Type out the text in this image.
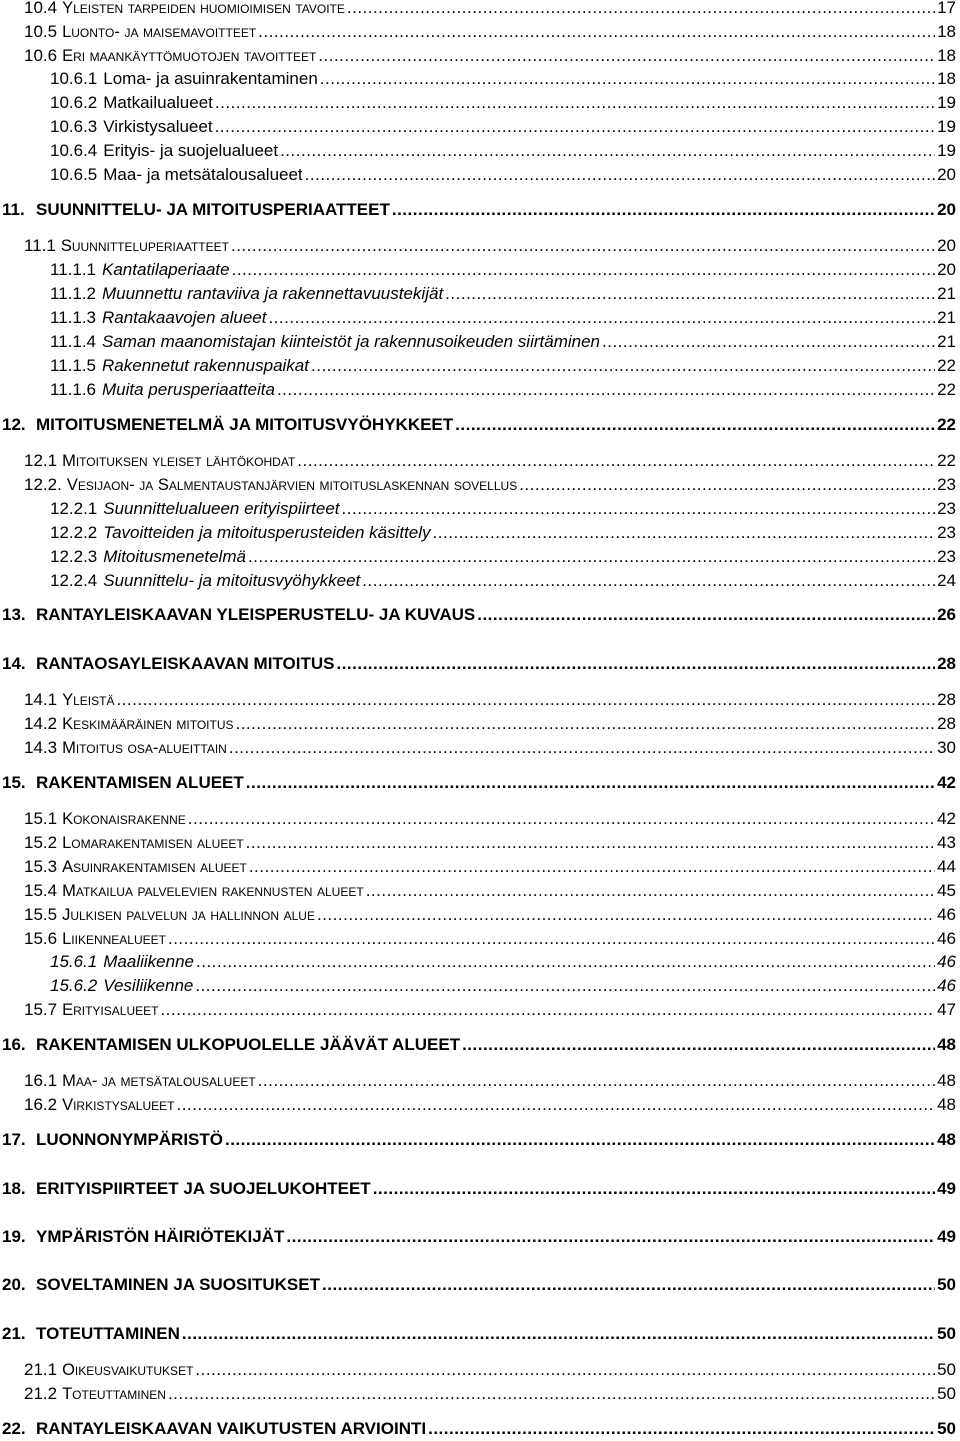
10.4 Yleisten tarpeiden huomioimisen tavoite .....	17
10.5 Luonto- ja maisemavoitteet .....	18
10.6 Eri maankäyttömuotojen tavoitteet .....	18
10.6.1 Loma- ja asuinrakentaminen .....	18
10.6.2 Matkailualueet .....	19
10.6.3 Virkistysalueet .....	19
10.6.4 Erityis- ja suojelualueet .....	19
10.6.5 Maa- ja metsätalousalueet .....	20
11. SUUNNITTELU- JA MITOITUSPERIAATTEET .....	20
11.1 Suunnitteluperiaatteet .....	20
11.1.1 Kantatilaperiaate .....	20
11.1.2 Muunnettu rantaviiva ja rakennettavuustekijät .....	21
11.1.3 Rantakaavojen alueet .....	21
11.1.4 Saman maanomistajan kiinteistöt ja rakennusoikeuden siirtäminen .....	21
11.1.5 Rakennetut rakennuspaikat .....	22
11.1.6 Muita perusperiaatteita .....	22
12. MITOITUSMENETELMÄ JA MITOITUSVYÖHYKKEET .....	22
12.1 Mitoituksen yleiset lähtökohdat .....	22
12.2. Vesijaon- ja Salmentaustanjärvien mitoituslaskennan sovellus .....	23
12.2.1 Suunnittelualueen erityispiirteet .....	23
12.2.2 Tavoitteiden ja mitoitusperusteiden käsittely .....	23
12.2.3 Mitoitusmenetelmä .....	23
12.2.4 Suunnittelu- ja mitoitusvyöhykkeet .....	24
13. RANTAYLEISKAAVAN YLEISPERUSTELU- JA KUVAUS .....	26
14. RANTAOSAYLEISKAAVAN MITOITUS .....	28
14.1 Yleistä .....	28
14.2 Keskimääräinen mitoitus .....	28
14.3 Mitoitus osa-alueittain .....	30
15. RAKENTAMISEN ALUEET .....	42
15.1 Kokonaisrakenne .....	42
15.2 Lomarakentamisen alueet .....	43
15.3 Asuinrakentamisen alueet .....	44
15.4 Matkailua palvelevien rakennusten alueet .....	45
15.5 Julkisen palvelun ja hallinnon alue .....	46
15.6 Liikennealueet .....	46
15.6.1 Maaliikenne .....	46
15.6.2 Vesiliikenne .....	46
15.7 Erityisalueet .....	47
16. RAKENTAMISEN ULKOPUOLELLE JÄÄVÄT ALUEET .....	48
16.1 Maa- ja metsätalousalueet .....	48
16.2 Virkistysalueet .....	48
17. LUONNONYMPÄRISTÖ .....	48
18. ERITYISPIIRTEET JA SUOJELUKOHTEET .....	49
19. YMPÄRISTÖN HÄIRIÖTEKIJÄT .....	49
20. SOVELTAMINEN JA SUOSITUKSET .....	50
21. TOTEUTTAMINEN .....	50
21.1 Oikeusvaikutukset .....	50
21.2 Toteuttaminen .....	50
22. RANTAYLEISKAAVAN VAIKUTUSTEN ARVIOINTI .....	50
